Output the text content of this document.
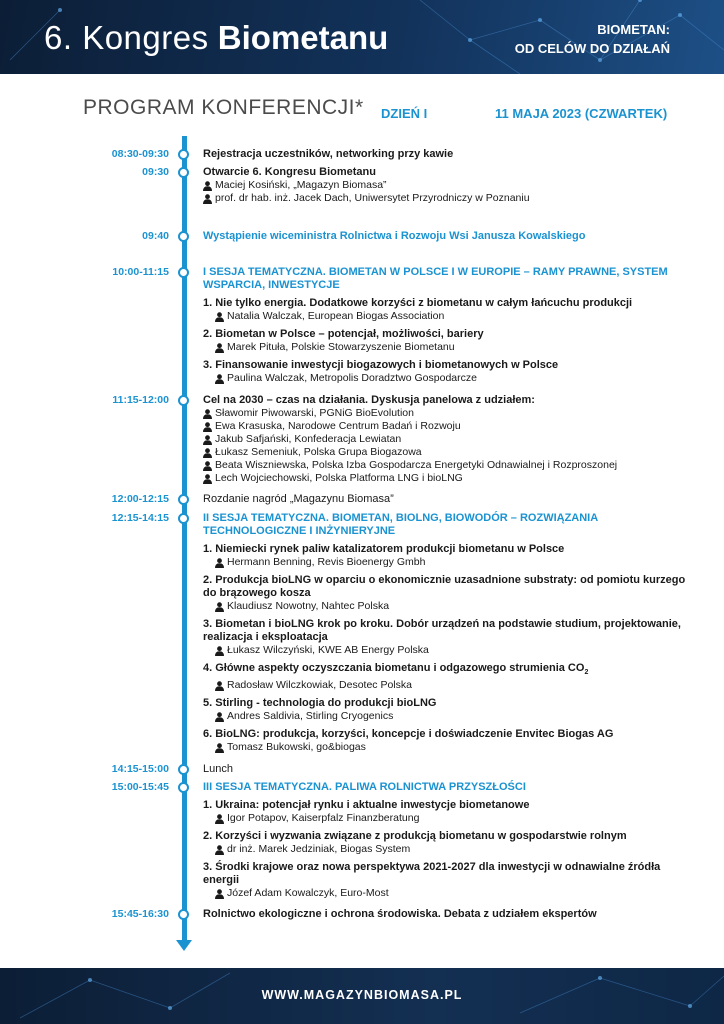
6. Kongres Biometanu	BIOMETAN:
OD CELÓW DO DZIAŁAŃ
PROGRAM KONFERENCJI* DZIEŃ I	11 MAJA 2023 (CZWARTEK)
08:30-09:30	Rejestracja uczestników, networking przy kawie
09:30	Otwarcie 6. Kongresu Biometanu
Maciej Kosiński, „Magazyn Biomasa”
prof. dr hab. inż. Jacek Dach, Uniwersytet Przyrodniczy w Poznaniu
09:40	Wystąpienie wiceministra Rolnictwa i Rozwoju Wsi Janusza Kowalskiego
10:00-11:15	I SESJA TEMATYCZNA. BIOMETAN W POLSCE I W EUROPIE – RAMY PRAWNE, SYSTEM WSPARCIA, INWESTYCJE
1. Nie tylko energia. Dodatkowe korzyści z biometanu w całym łańcuchu produkcji
Natalia Walczak, European Biogas Association
2. Biometan w Polsce – potencjał, możliwości, bariery
Marek Pituła, Polskie Stowarzyszenie Biometanu
3. Finansowanie inwestycji biogazowych i biometanowych w Polsce
Paulina Walczak, Metropolis Doradztwo Gospodarcze
11:15-12:00	Cel na 2030 – czas na działania. Dyskusja panelowa z udziałem:
Sławomir Piwowarski, PGNiG BioEvolution
Ewa Krasuska, Narodowe Centrum Badań i Rozwoju
Jakub Safjański, Konfederacja Lewiatan
Łukasz Semeniuk, Polska Grupa Biogazowa
Beata Wiszniewska, Polska Izba Gospodarcza Energetyki Odnawialnej i Rozproszonej
Lech Wojciechowski, Polska Platforma LNG i bioLNG
12:00-12:15	Rozdanie nagród „Magazynu Biomasa”
12:15-14:15	II SESJA TEMATYCZNA. BIOMETAN, BIOLNG, BIOWODÓR – ROZWIĄZANIA TECHNOLOGICZNE I INŻYNIERYJNE
1. Niemiecki rynek paliw katalizatorem produkcji biometanu w Polsce
Hermann Benning, Revis Bioenergy Gmbh
2. Produkcja bioLNG w oparciu o ekonomicznie uzasadnione substraty: od pomiotu kurzego do brązowego kosza
Klaudiusz Nowotny, Nahtec Polska
3. Biometan i bioLNG krok po kroku. Dobór urządzeń na podstawie studium, projektowanie, realizacja i eksploatacja
Łukasz Wilczyński, KWE AB Energy Polska
4. Główne aspekty oczyszczania biometanu i odgazowego strumienia $CO_2$
Radosław Wilczkowiak, Desotec Polska
5. Stirling - technologia do produkcji bioLNG
Andres Saldivia, Stirling Cryogenics
6. BioLNG: produkcja, korzyści, koncepcje i doświadczenie Envitec Biogas AG
Tomasz Bukowski, go&biogas
14:15-15:00	Lunch
15:00-15:45	III SESJA TEMATYCZNA. PALIWA ROLNICTWA PRZYSZŁOŚCI
1. Ukraina: potencjał rynku i aktualne inwestycje biometanowe
Igor Potapov, Kaiserpfalz Finanzberatung
2. Korzyści i wyzwania związane z produkcją biometanu w gospodarstwie rolnym
dr inż. Marek Jedziniak, Biogas System
3. Środki krajowe oraz nowa perspektywa 2021-2027 dla inwestycji w odnawialne źródła energii
Józef Adam Kowalczyk, Euro-Most
15:45-16:30	Rolnictwo ekologiczne i ochrona środowiska. Debata z udziałem ekspertów
WWW.MAGAZYNBIOMASA.PL
